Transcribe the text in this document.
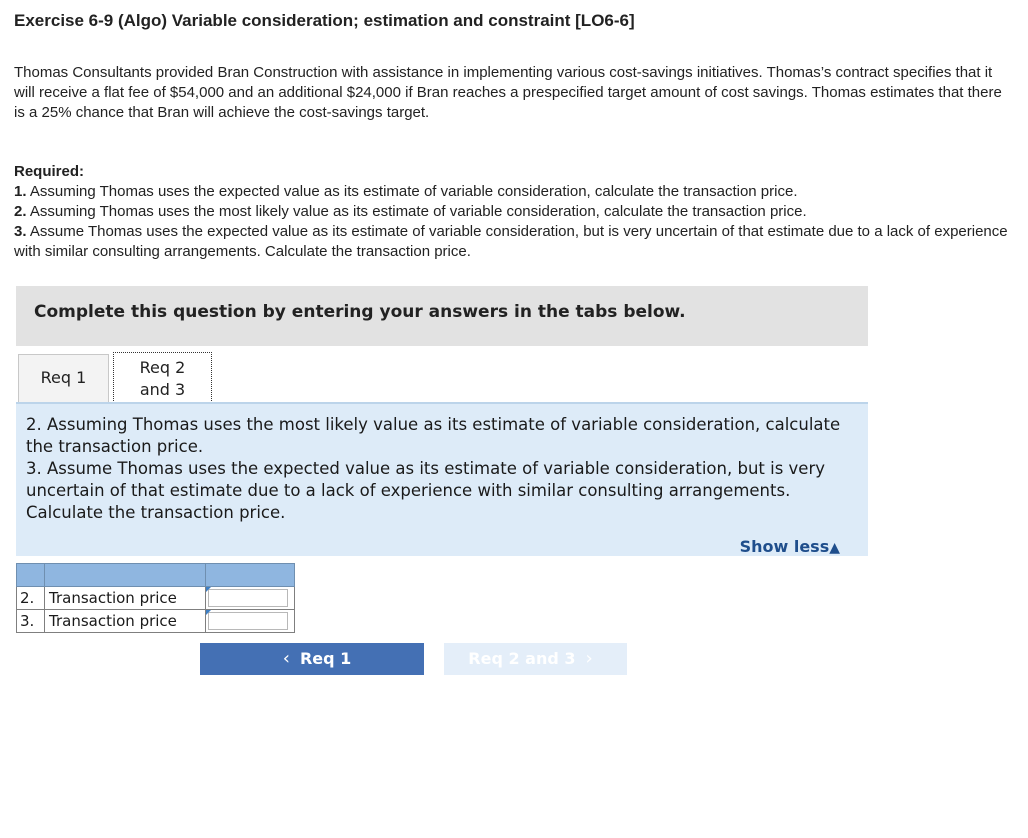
Exercise 6-9 (Algo) Variable consideration; estimation and constraint [LO6-6]

Thomas Consultants provided Bran Construction with assistance in implementing various cost-savings initiatives. Thomas’s contract specifies that it will receive a flat fee of $54,000 and an additional $24,000 if Bran reaches a prespecified target amount of cost savings. Thomas estimates that there is a 25% chance that Bran will achieve the cost-savings target.

Required:
1. Assuming Thomas uses the expected value as its estimate of variable consideration, calculate the transaction price.
2. Assuming Thomas uses the most likely value as its estimate of variable consideration, calculate the transaction price.
3. Assume Thomas uses the expected value as its estimate of variable consideration, but is very uncertain of that estimate due to a lack of experience with similar consulting arrangements. Calculate the transaction price.
Complete this question by entering your answers in the tabs below.
Req 1
Req 2
and 3

2. Assuming Thomas uses the most likely value as its estimate of variable consideration, calculate the transaction price.

3. Assume Thomas uses the expected value as its estimate of variable consideration, but is very uncertain of that estimate due to a lack of experience with similar consulting arrangements. Calculate the transaction price.

Show less▲

2.	Transaction price	

3.	Transaction price	
‹ Req 1	Req 2 and 3 ›
